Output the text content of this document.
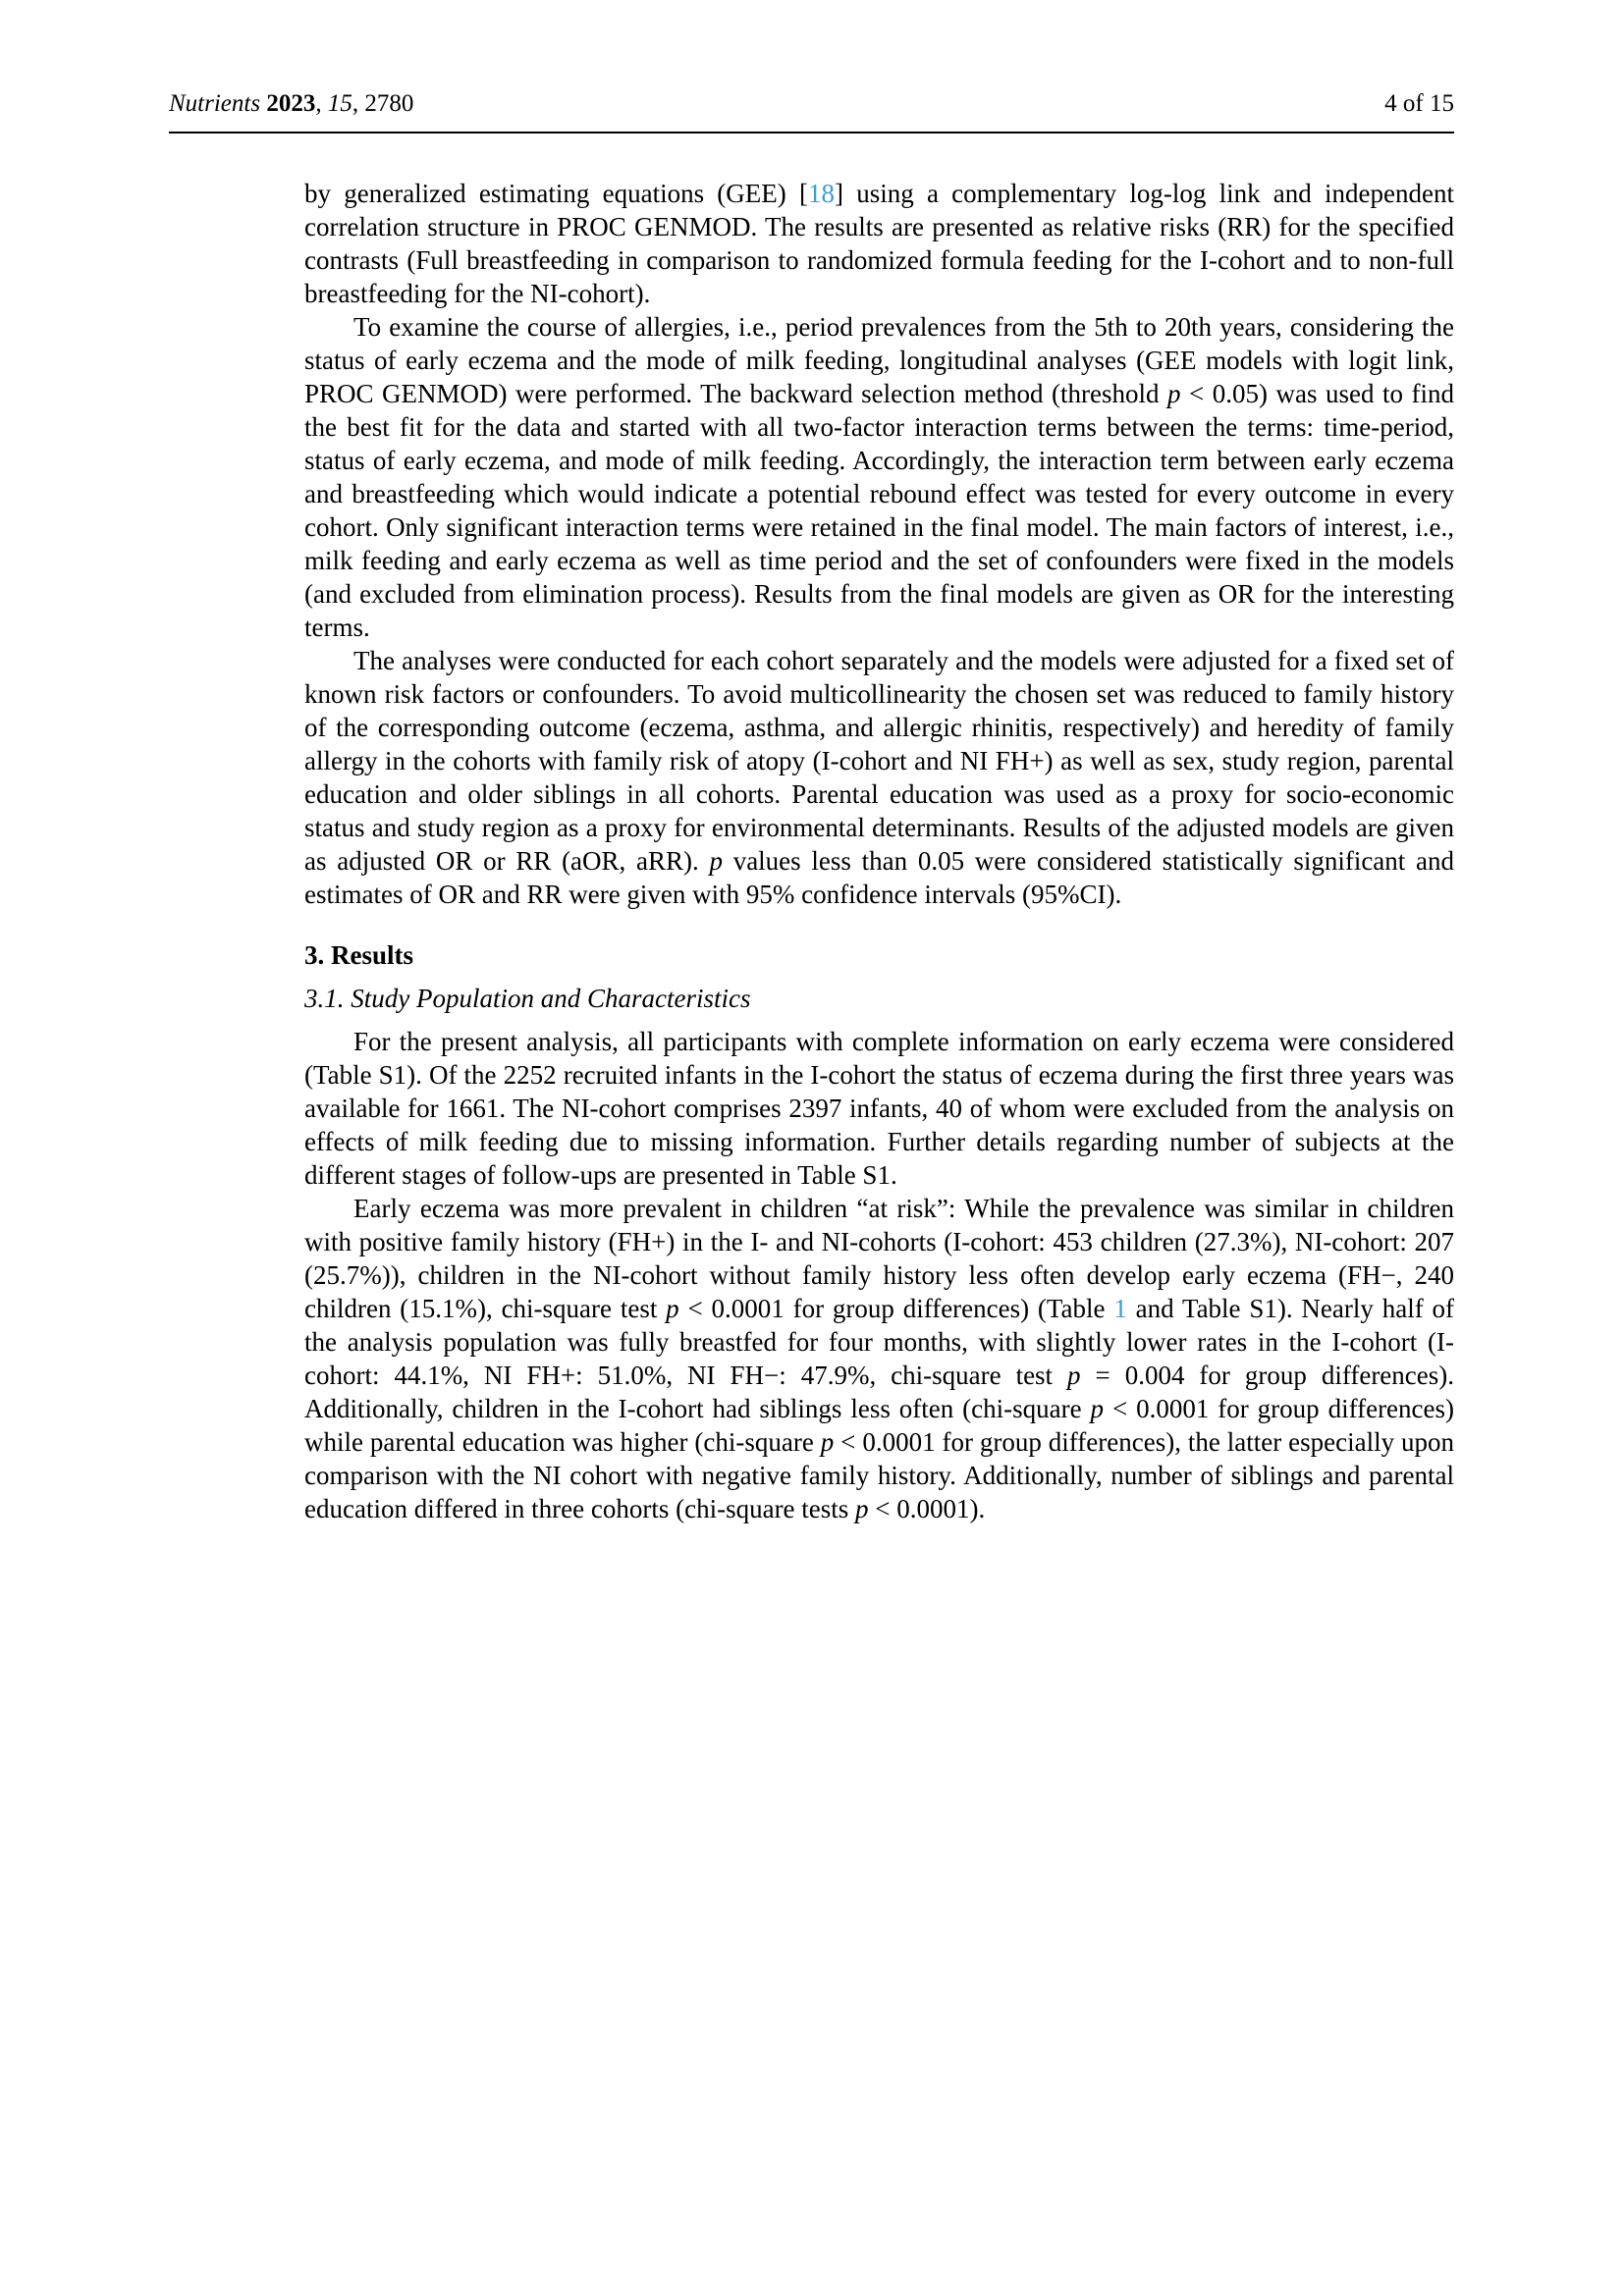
Nutrients 2023, 15, 2780	4 of 15

by generalized estimating equations (GEE) [18] using a complementary log-log link and independent correlation structure in PROC GENMOD. The results are presented as relative risks (RR) for the specified contrasts (Full breastfeeding in comparison to randomized formula feeding for the I-cohort and to non-full breastfeeding for the NI-cohort).

To examine the course of allergies, i.e., period prevalences from the 5th to 20th years, considering the status of early eczema and the mode of milk feeding, longitudinal analyses (GEE models with logit link, PROC GENMOD) were performed. The backward selection method (threshold p < 0.05) was used to find the best fit for the data and started with all two-factor interaction terms between the terms: time-period, status of early eczema, and mode of milk feeding. Accordingly, the interaction term between early eczema and breastfeeding which would indicate a potential rebound effect was tested for every outcome in every cohort. Only significant interaction terms were retained in the final model. The main factors of interest, i.e., milk feeding and early eczema as well as time period and the set of confounders were fixed in the models (and excluded from elimination process). Results from the final models are given as OR for the interesting terms.

The analyses were conducted for each cohort separately and the models were adjusted for a fixed set of known risk factors or confounders. To avoid multicollinearity the chosen set was reduced to family history of the corresponding outcome (eczema, asthma, and allergic rhinitis, respectively) and heredity of family allergy in the cohorts with family risk of atopy (I-cohort and NI FH+) as well as sex, study region, parental education and older siblings in all cohorts. Parental education was used as a proxy for socio-economic status and study region as a proxy for environmental determinants. Results of the adjusted models are given as adjusted OR or RR (aOR, aRR). p values less than 0.05 were considered statistically significant and estimates of OR and RR were given with 95% confidence intervals (95%CI).

3. Results
3.1. Study Population and Characteristics

For the present analysis, all participants with complete information on early eczema were considered (Table S1). Of the 2252 recruited infants in the I-cohort the status of eczema during the first three years was available for 1661. The NI-cohort comprises 2397 infants, 40 of whom were excluded from the analysis on effects of milk feeding due to missing information. Further details regarding number of subjects at the different stages of follow-ups are presented in Table S1.

Early eczema was more prevalent in children “at risk”: While the prevalence was similar in children with positive family history (FH+) in the I- and NI-cohorts (I-cohort: 453 children (27.3%), NI-cohort: 207 (25.7%)), children in the NI-cohort without family history less often develop early eczema (FH−, 240 children (15.1%), chi-square test p < 0.0001 for group differences) (Table 1 and Table S1). Nearly half of the analysis population was fully breastfed for four months, with slightly lower rates in the I-cohort (I-cohort: 44.1%, NI FH+: 51.0%, NI FH−: 47.9%, chi-square test p = 0.004 for group differences). Additionally, children in the I-cohort had siblings less often (chi-square p < 0.0001 for group differences) while parental education was higher (chi-square p < 0.0001 for group differences), the latter especially upon comparison with the NI cohort with negative family history. Additionally, number of siblings and parental education differed in three cohorts (chi-square tests p < 0.0001).
